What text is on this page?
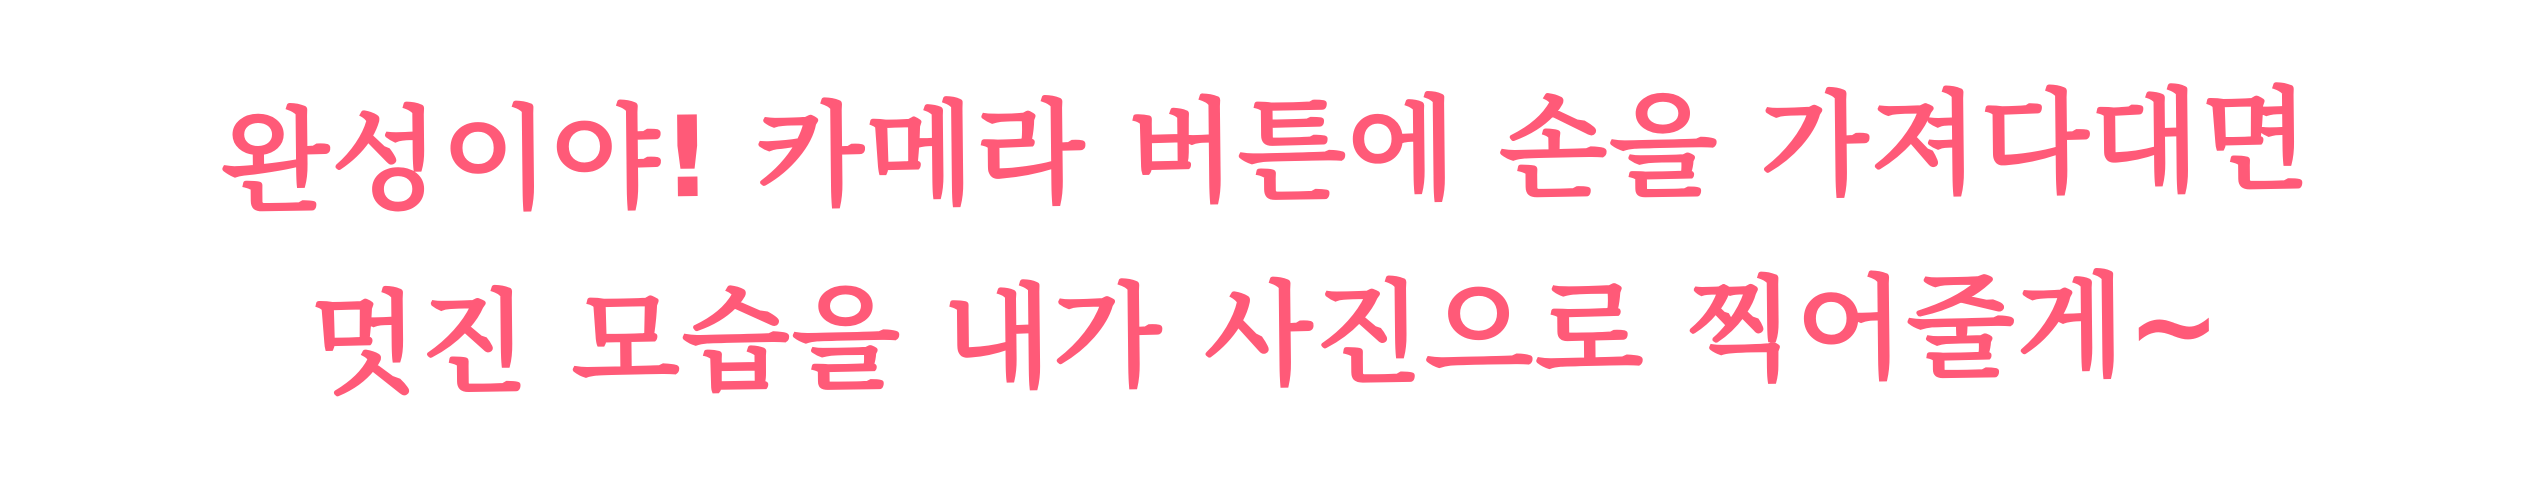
완성이야! 카메라 버튼에 손을 가져다대면
멋진 모습을 내가 사진으로 찍어줄게~
